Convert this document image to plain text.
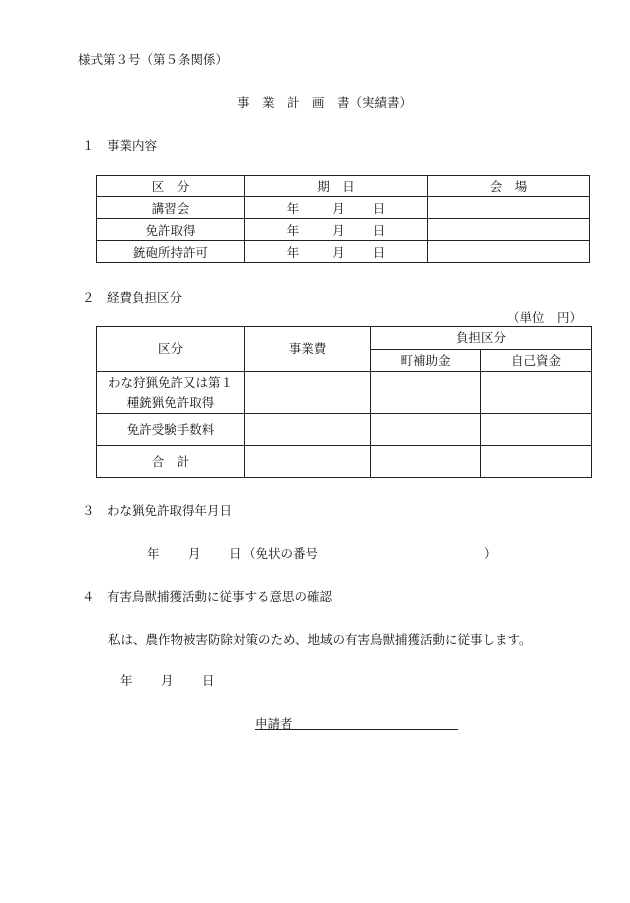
様式第３号（第５条関係）
事　業　計　画　書（実績書）
１　事業内容
区　分	期　日	会　場
講習会	年 月 日	
免許取得	年 月 日	
銃砲所持許可	年 月 日	
２　経費負担区分
（単位　円）
区分	事業費	負担区分	
		町補助金	自己資金

わな狩猟免許又は第１
種銃猟免許取得			

免許受験手数料			
合　計			
３　わな猟免許取得年月日
年 月 日 （免状の番号	）
４　有害鳥獣捕獲活動に従事する意思の確認
私は、農作物被害防除対策のため、地域の有害鳥獣捕獲活動に従事します。
年 月 日
申請者
